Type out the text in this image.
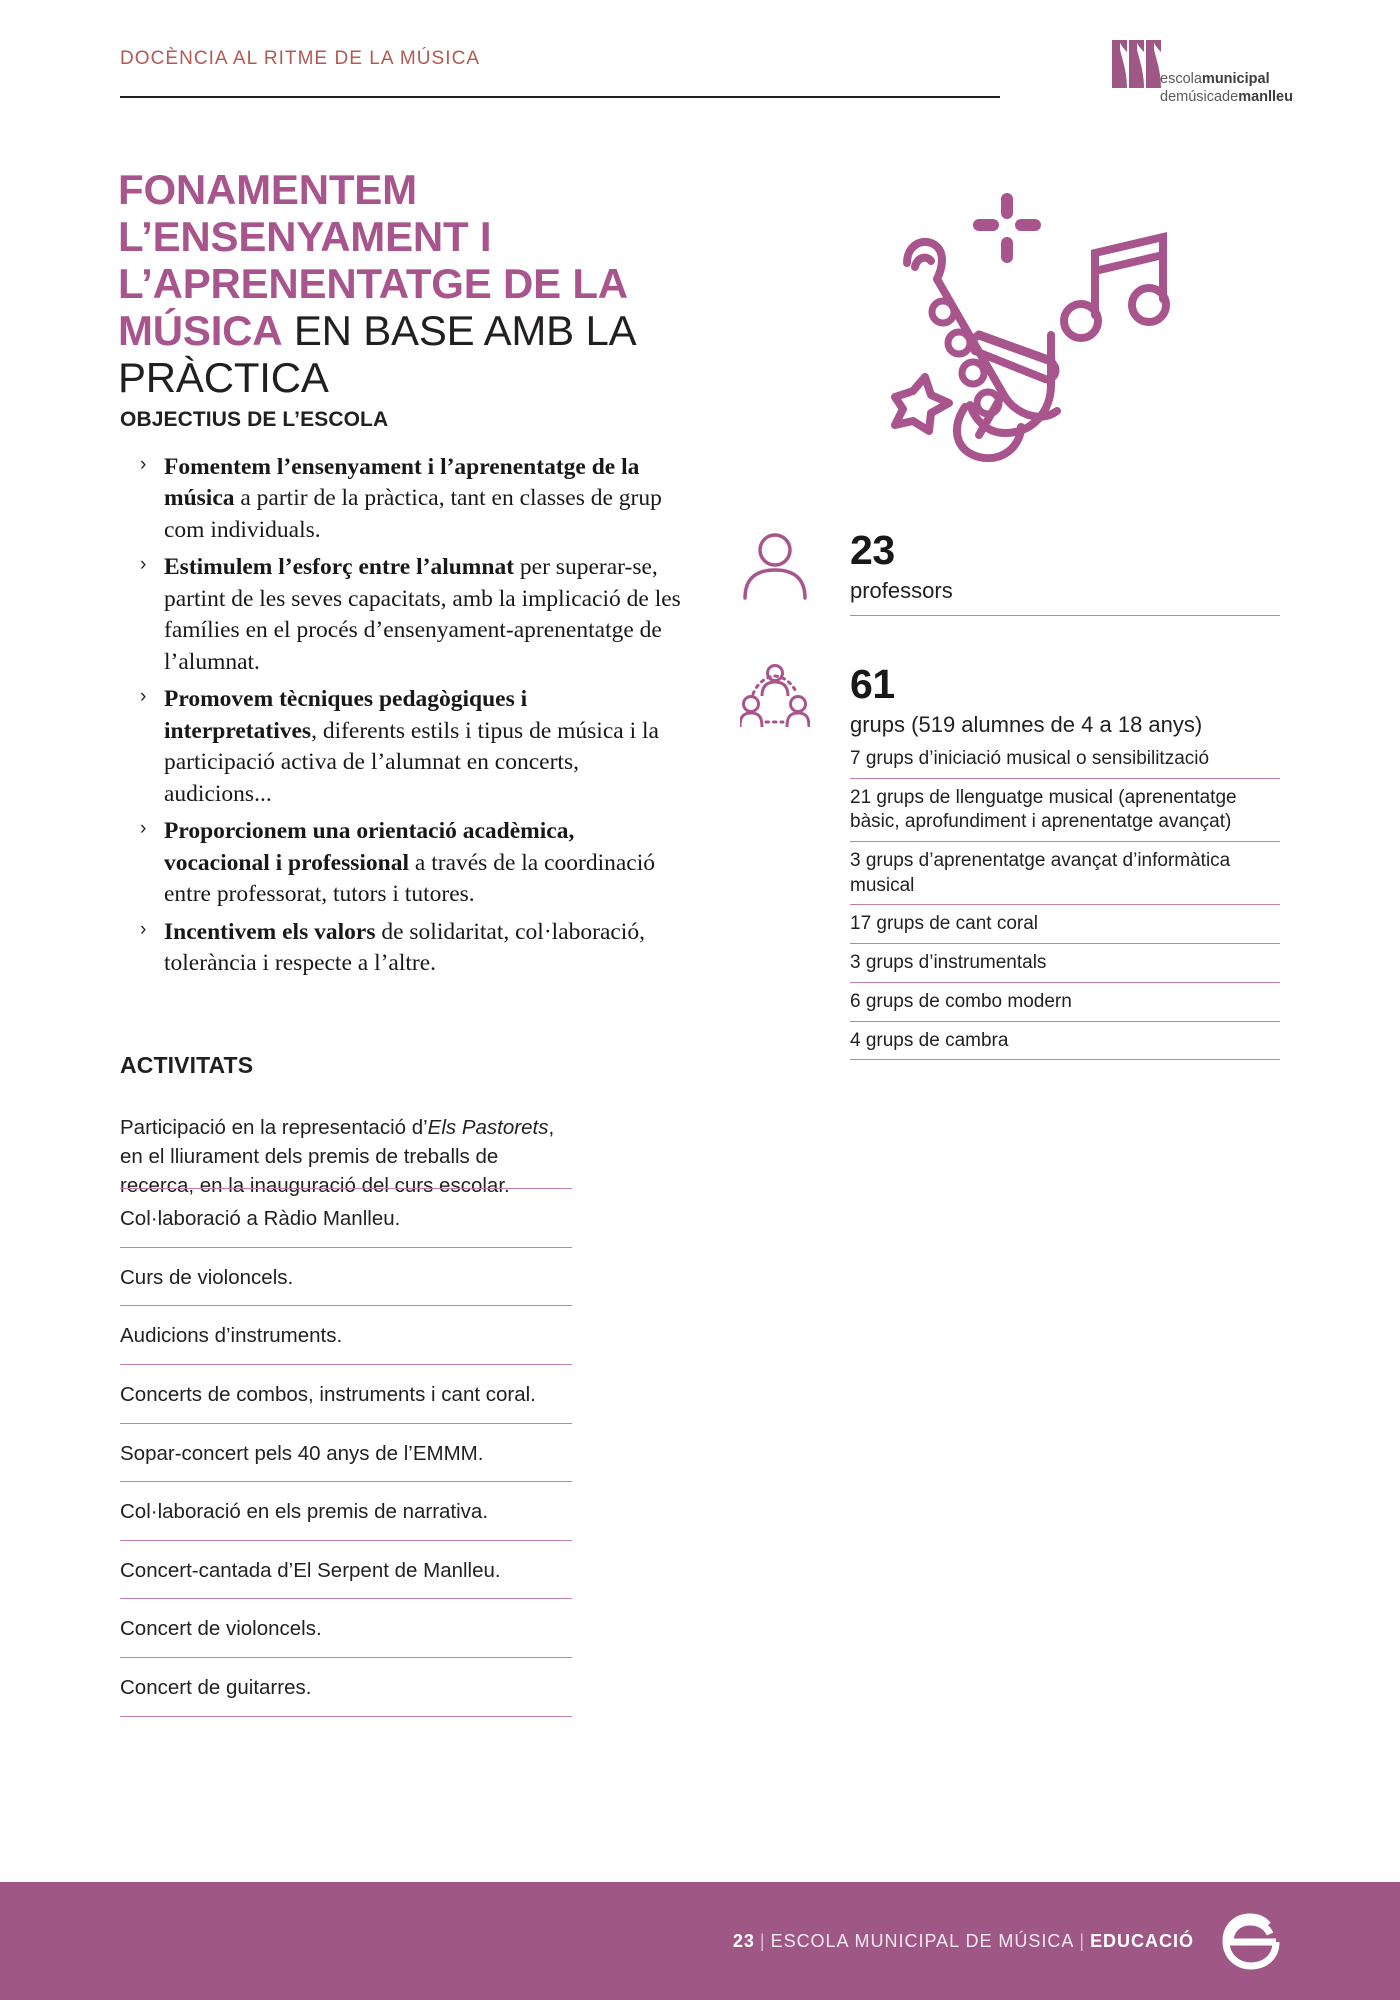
DOCÈNCIA AL RITME DE LA MÚSICA
escolamunicipal
demúsicademanlleu
FONAMENTEM L’ENSENYAMENT I L’APRENENTATGE DE LA MÚSICA EN BASE AMB LA PRÀCTICA
OBJECTIUS DE L’ESCOLA
› Fomentem l’ensenyament i l’aprenentatge de la música a partir de la pràctica, tant en classes de grup com individuals.
› Estimulem l’esforç entre l’alumnat per superar-se, partint de les seves capacitats, amb la implicació de les famílies en el procés d’ensenyament-aprenentatge de l’alumnat.
› Promovem tècniques pedagògiques i interpretatives, diferents estils i tipus de música i la participació activa de l’alumnat en concerts, audicions...
› Proporcionem una orientació acadèmica, vocacional i professional a través de la coordinació entre professorat, tutors i tutores.
› Incentivem els valors de solidaritat, col·laboració, tolerància i respecte a l’altre.
ACTIVITATS

Participació en la representació d’Els Pastorets, en el lliurament dels premis de treballs de recerca, en la inauguració del curs escolar.

Col·laboració a Ràdio Manlleu.
Curs de violoncels.
Audicions d’instruments.
Concerts de combos, instruments i cant coral.
Sopar-concert pels 40 anys de l’EMMM.
Col·laboració en els premis de narrativa.
Concert-cantada d’El Serpent de Manlleu.
Concert de violoncels.
Concert de guitarres.
23
professors
61
grups (519 alumnes de 4 a 18 anys)
7 grups d’iniciació musical o sensibilització
21 grups de llenguatge musical (aprenentatge bàsic, aprofundiment i aprenentatge avançat)
3 grups d’aprenentatge avançat d’informàtica musical
17 grups de cant coral
3 grups d’instrumentals
6 grups de combo modern
4 grups de cambra
23 | ESCOLA MUNICIPAL DE MÚSICA | EDUCACIÓ
